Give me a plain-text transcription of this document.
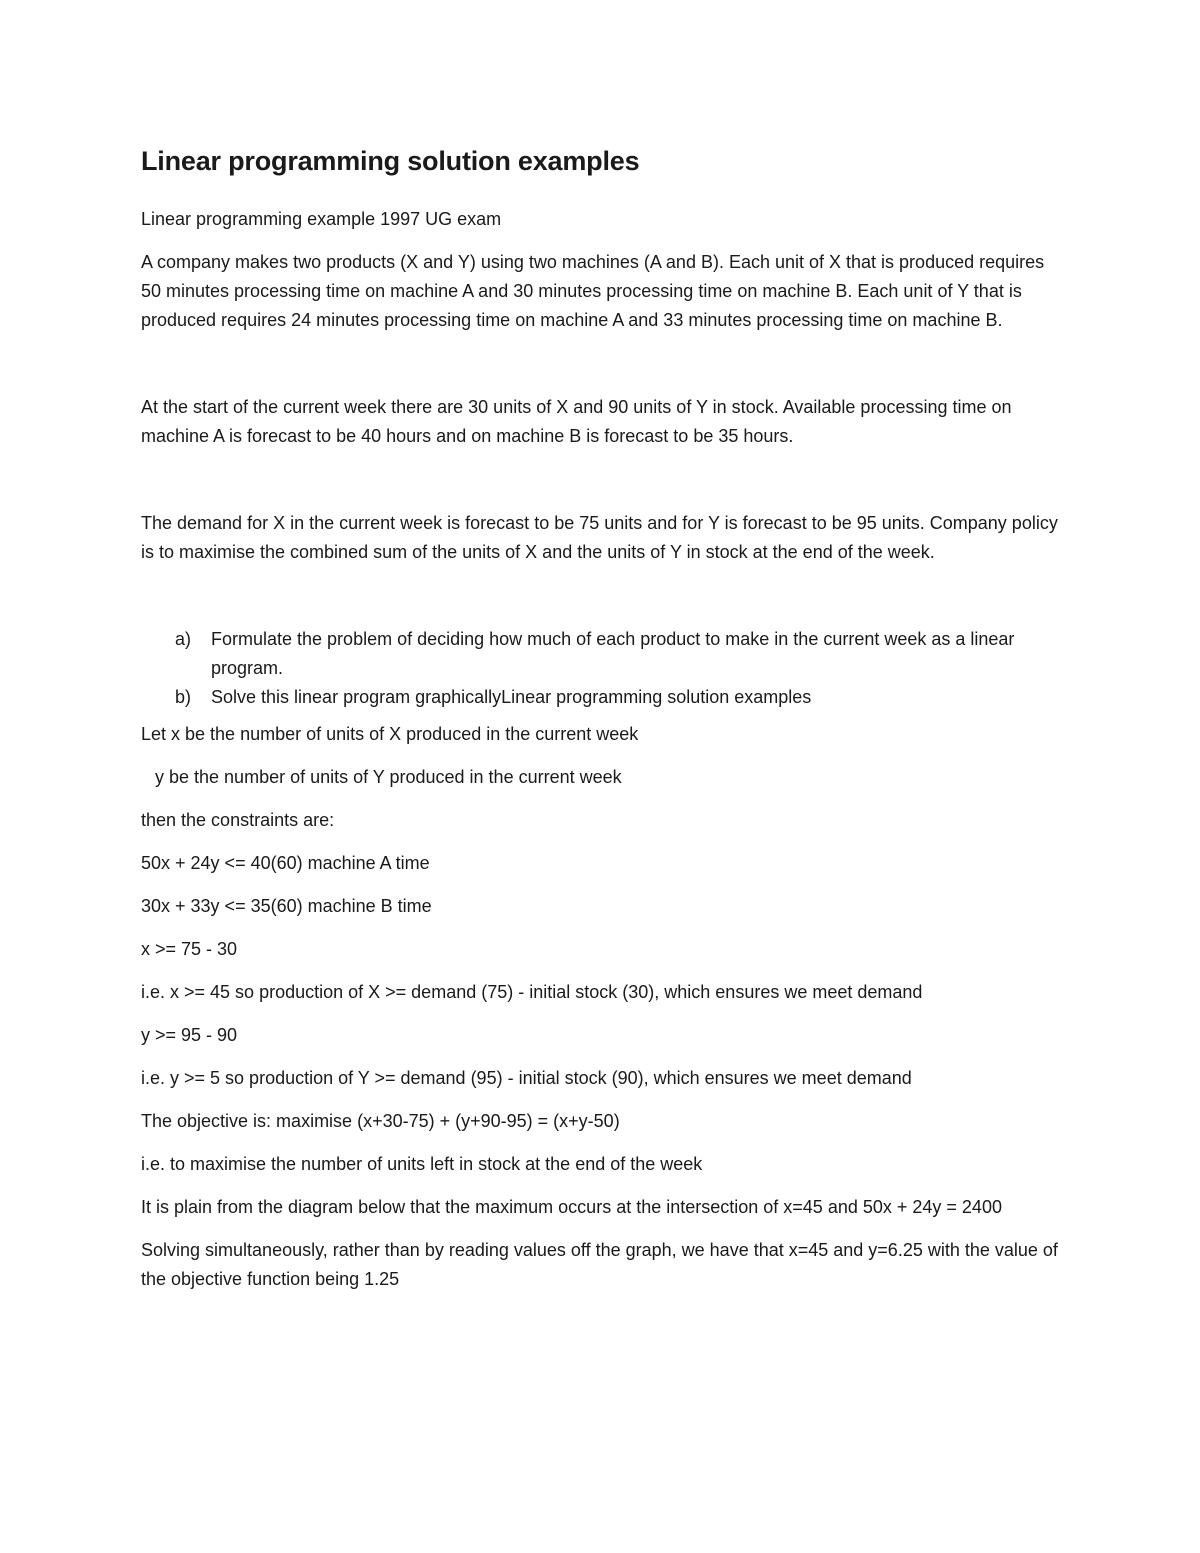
Linear programming solution examples

Linear programming example 1997 UG exam

A company makes two products (X and Y) using two machines (A and B). Each unit of X that is produced requires 50 minutes processing time on machine A and 30 minutes processing time on machine B. Each unit of Y that is produced requires 24 minutes processing time on machine A and 33 minutes processing time on machine B.

At the start of the current week there are 30 units of X and 90 units of Y in stock. Available processing time on machine A is forecast to be 40 hours and on machine B is forecast to be 35 hours.

The demand for X in the current week is forecast to be 75 units and for Y is forecast to be 95 units. Company policy is to maximise the combined sum of the units of X and the units of Y in stock at the end of the week.

a)	Formulate the problem of deciding how much of each product to make in the current week as a linear program.
b)	Solve this linear program graphicallyLinear programming solution examples

Let x be the number of units of X produced in the current week

y be the number of units of Y produced in the current week

then the constraints are:

50x + 24y <= 40(60) machine A time

30x + 33y <= 35(60) machine B time

x >= 75 - 30

i.e. x >= 45 so production of X >= demand (75) - initial stock (30), which ensures we meet demand

y >= 95 - 90

i.e. y >= 5 so production of Y >= demand (95) - initial stock (90), which ensures we meet demand

The objective is: maximise (x+30-75) + (y+90-95) = (x+y-50)

i.e. to maximise the number of units left in stock at the end of the week

It is plain from the diagram below that the maximum occurs at the intersection of x=45 and 50x + 24y = 2400

Solving simultaneously, rather than by reading values off the graph, we have that x=45 and y=6.25 with the value of the objective function being 1.25
